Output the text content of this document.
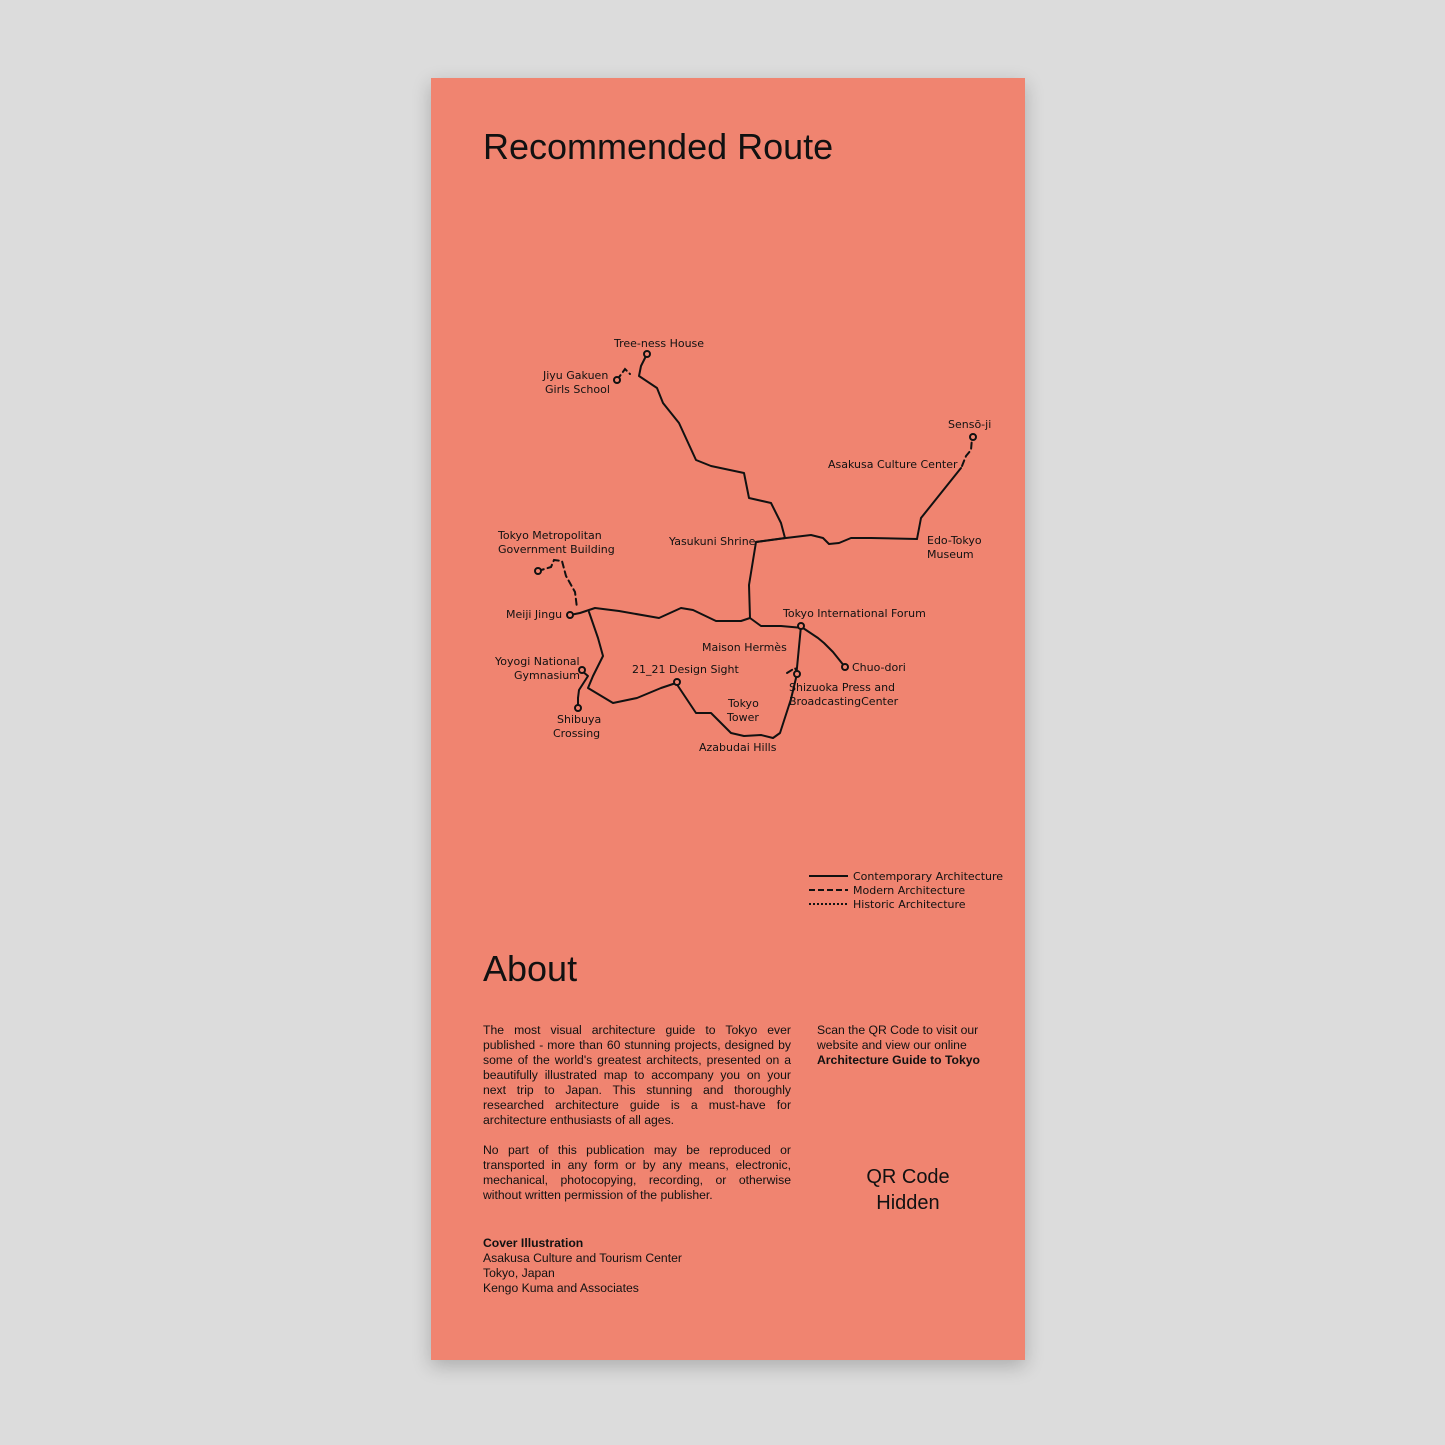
Recommended Route
Tree-ness House
Jiyu Gakuen Girls School
Sensō-ji
Asakusa Culture Center
Tokyo Metropolitan Government Building
Yasukuni Shrine	Edo-Tokyo Museum
Meiji Jingu	Tokyo International Forum
Maison Hermès
Chuo-dori
Yoyogi National Gymnasium	21_21 Design Sight
Shizuoka Press and BroadcastingCenter
Tokyo Tower
Shibuya Crossing
Azabudai Hills
Contemporary Architecture
Modern Architecture
Historic Architecture
About

The most visual architecture guide to Tokyo ever published - more than 60 stunning projects, designed by some of the world's greatest architects, presented on a beautifully illustrated map to accompany you on your next trip to Japan. This stunning and thoroughly researched architecture guide is a must-have for architecture enthusiasts of all ages.

No part of this publication may be reproduced or transported in any form or by any means, electronic, mechanical, photocopying, recording, or otherwise without written permission of the publisher.

Cover Illustration
Asakusa Culture and Tourism Center
Tokyo, Japan
Kengo Kuma and Associates
Scan the QR Code to visit our website and view our online Architecture Guide to Tokyo
QR Code
Hidden
